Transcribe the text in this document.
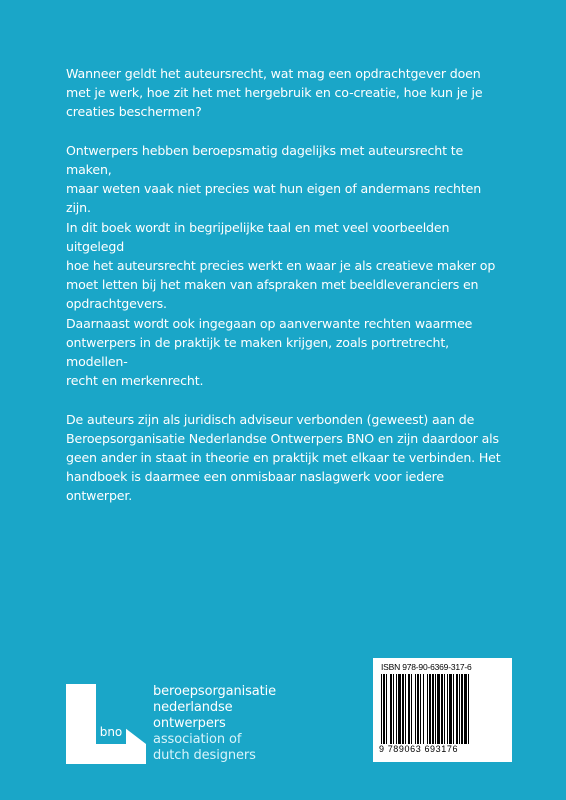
Wanneer geldt het auteursrecht, wat mag een opdrachtgever doen
met je werk, hoe zit het met hergebruik en co-creatie, hoe kun je je
creaties beschermen?

Ontwerpers hebben beroepsmatig dagelijks met auteursrecht te maken,
maar weten vaak niet precies wat hun eigen of andermans rechten zijn.
In dit boek wordt in begrijpelijke taal en met veel voorbeelden uitgelegd
hoe het auteursrecht precies werkt en waar je als creatieve maker op
moet letten bij het maken van afspraken met beeldleveranciers en
opdrachtgevers.

Daarnaast wordt ook ingegaan op aanverwante rechten waarmee
ontwerpers in de praktijk te maken krijgen, zoals portretrecht, modellen-
recht en merkenrecht.

De auteurs zijn als juridisch adviseur verbonden (geweest) aan de
Beroepsorganisatie Nederlandse Ontwerpers BNO en zijn daardoor als
geen ander in staat in theorie en praktijk met elkaar te verbinden. Het
handboek is daarmee een onmisbaar naslagwerk voor iedere ontwerper.

bno
beroepsorganisatie
nederlandse
ontwerpers
association of
dutch designers
ISBN 978-90-6369-317-6
9 789063 693176
